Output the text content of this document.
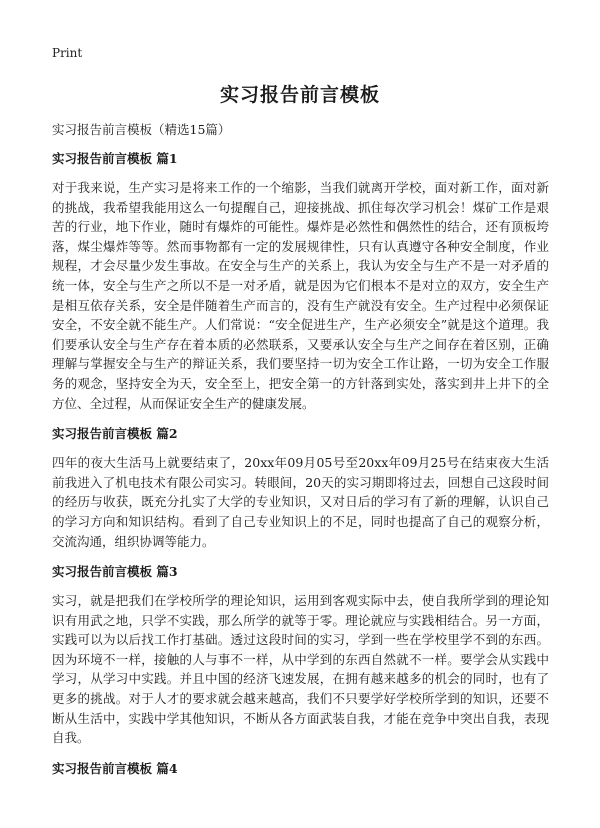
Print
实习报告前言模板
实习报告前言模板（精选15篇）
实习报告前言模板 篇1

对于我来说，生产实习是将来工作的一个缩影，当我们就离开学校，面对新工作，面对新的挑战，我希望我能用这么一句提醒自己，迎接挑战、抓住每次学习机会！煤矿工作是艰苦的行业，地下作业，随时有爆炸的可能性。爆炸是必然性和偶然性的结合，还有顶板垮落，煤尘爆炸等等。然而事物都有一定的发展规律性，只有认真遵守各种安全制度，作业规程，才会尽量少发生事故。在安全与生产的关系上，我认为安全与生产不是一对矛盾的统一体，安全与生产之所以不是一对矛盾，就是因为它们根本不是对立的双方，安全生产是相互依存关系，安全是伴随着生产而言的，没有生产就没有安全。生产过程中必须保证安全，不安全就不能生产。人们常说：“安全促进生产，生产必须安全”就是这个道理。我们要承认安全与生产存在着本质的必然联系，又要承认安全与生产之间存在着区别，正确理解与掌握安全与生产的辩证关系，我们要坚持一切为安全工作让路，一切为安全工作服务的观念，坚持安全为天，安全至上，把安全第一的方针落到实处，落实到井上井下的全方位、全过程，从而保证安全生产的健康发展。

实习报告前言模板 篇2

四年的夜大生活马上就要结束了，20xx年09月05号至20xx年09月25号在结束夜大生活前我进入了机电技术有限公司实习。转眼间，20天的实习期即将过去，回想自己这段时间的经历与收获，既充分扎实了大学的专业知识，又对日后的学习有了新的理解，认识自己的学习方向和知识结构。看到了自己专业知识上的不足，同时也提高了自己的观察分析，交流沟通，组织协调等能力。

实习报告前言模板 篇3

实习，就是把我们在学校所学的理论知识，运用到客观实际中去，使自我所学到的理论知识有用武之地，只学不实践，那么所学的就等于零。理论就应与实践相结合。另一方面，实践可以为以后找工作打基础。透过这段时间的实习，学到一些在学校里学不到的东西。因为环境不一样，接触的人与事不一样，从中学到的东西自然就不一样。要学会从实践中学习，从学习中实践。并且中国的经济飞速发展，在拥有越来越多的机会的同时，也有了更多的挑战。对于人才的要求就会越来越高，我们不只要学好学校所学到的知识，还要不断从生活中，实践中学其他知识，不断从各方面武装自我，才能在竞争中突出自我，表现自我。

实习报告前言模板 篇4
